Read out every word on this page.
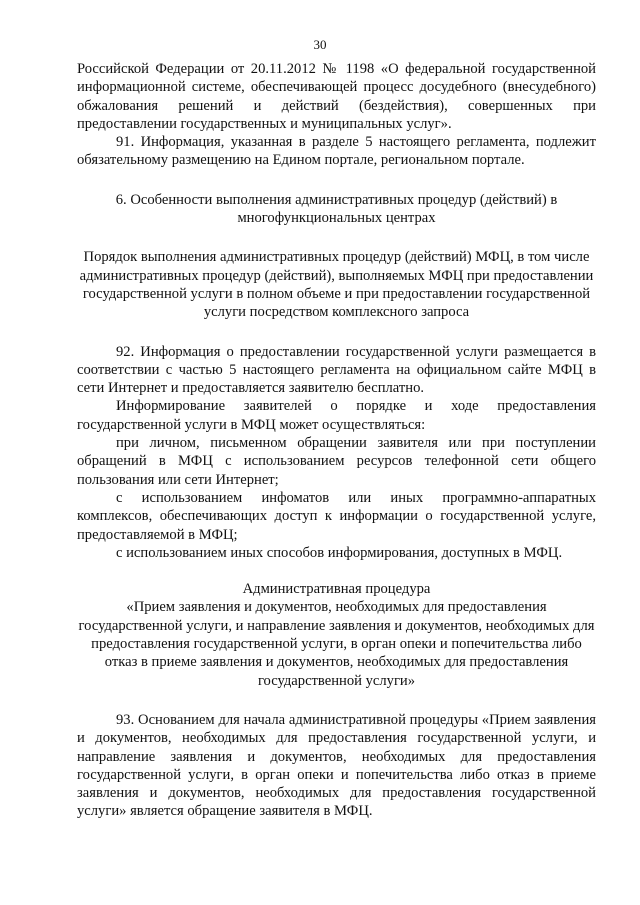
30

Российской Федерации от 20.11.2012 № 1198 «О федеральной государственной информационной системе, обеспечивающей процесс досудебного (внесудебного) обжалования решений и действий (бездействия), совершенных при предоставлении государственных и муниципальных услуг».

91. Информация, указанная в разделе 5 настоящего регламента, подлежит обязательному размещению на Едином портале, региональном портале.

6. Особенности выполнения административных процедур (действий) в многофункциональных центрах

Порядок выполнения административных процедур (действий) МФЦ, в том числе административных процедур (действий), выполняемых МФЦ при предоставлении государственной услуги в полном объеме и при предоставлении государственной услуги посредством комплексного запроса

92. Информация о предоставлении государственной услуги размещается в соответствии с частью 5 настоящего регламента на официальном сайте МФЦ в сети Интернет и предоставляется заявителю бесплатно.

Информирование заявителей о порядке и ходе предоставления государственной услуги в МФЦ может осуществляться:

при личном, письменном обращении заявителя или при поступлении обращений в МФЦ с использованием ресурсов телефонной сети общего пользования или сети Интернет;

с использованием инфоматов или иных программно-аппаратных комплексов, обеспечивающих доступ к информации о государственной услуге, предоставляемой в МФЦ;

с использованием иных способов информирования, доступных в МФЦ.

Административная процедура

«Прием заявления и документов, необходимых для предоставления государственной услуги, и направление заявления и документов, необходимых для предоставления государственной услуги, в орган опеки и попечительства либо отказ в приеме заявления и документов, необходимых для предоставления государственной услуги»

93. Основанием для начала административной процедуры «Прием заявления и документов, необходимых для предоставления государственной услуги, и направление заявления и документов, необходимых для предоставления государственной услуги, в орган опеки и попечительства либо отказ в приеме заявления и документов, необходимых для предоставления государственной услуги» является обращение заявителя в МФЦ.
